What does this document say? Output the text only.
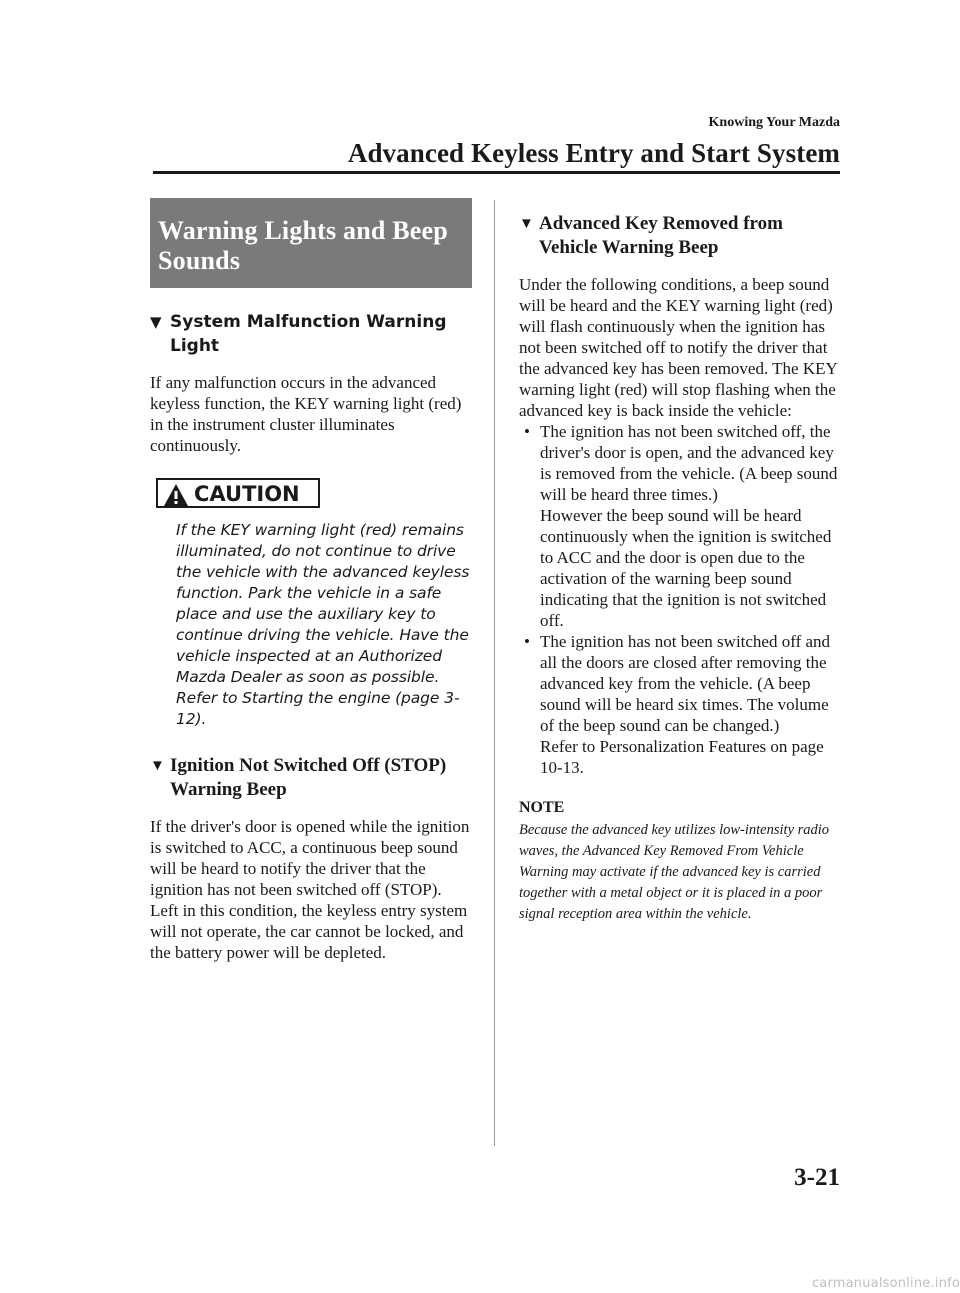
Knowing Your Mazda
Advanced Keyless Entry and Start System
Warning Lights and Beep Sounds
▼ System Malfunction Warning Light
If any malfunction occurs in the advanced keyless function, the KEY warning light (red) in the instrument cluster illuminates continuously.
CAUTION
If the KEY warning light (red) remains illuminated, do not continue to drive the vehicle with the advanced keyless function. Park the vehicle in a safe place and use the auxiliary key to continue driving the vehicle. Have the vehicle inspected at an Authorized Mazda Dealer as soon as possible. Refer to Starting the engine (page 3-12).
▼ Ignition Not Switched Off (STOP) Warning Beep
If the driver's door is opened while the ignition is switched to ACC, a continuous beep sound will be heard to notify the driver that the ignition has not been switched off (STOP). Left in this condition, the keyless entry system will not operate, the car cannot be locked, and the battery power will be depleted.
▼ Advanced Key Removed from Vehicle Warning Beep
Under the following conditions, a beep sound will be heard and the KEY warning light (red) will flash continuously when the ignition has not been switched off to notify the driver that the advanced key has been removed. The KEY warning light (red) will stop flashing when the advanced key is back inside the vehicle:
• The ignition has not been switched off, the driver's door is open, and the advanced key is removed from the vehicle. (A beep sound will be heard three times.)
However the beep sound will be heard continuously when the ignition is switched to ACC and the door is open due to the activation of the warning beep sound indicating that the ignition is not switched off.
• The ignition has not been switched off and all the doors are closed after removing the advanced key from the vehicle. (A beep sound will be heard six times. The volume of the beep sound can be changed.)
Refer to Personalization Features on page 10-13.
NOTE
Because the advanced key utilizes low-intensity radio waves, the Advanced Key Removed From Vehicle Warning may activate if the advanced key is carried together with a metal object or it is placed in a poor signal reception area within the vehicle.
3-21
carmanualsonline.info
